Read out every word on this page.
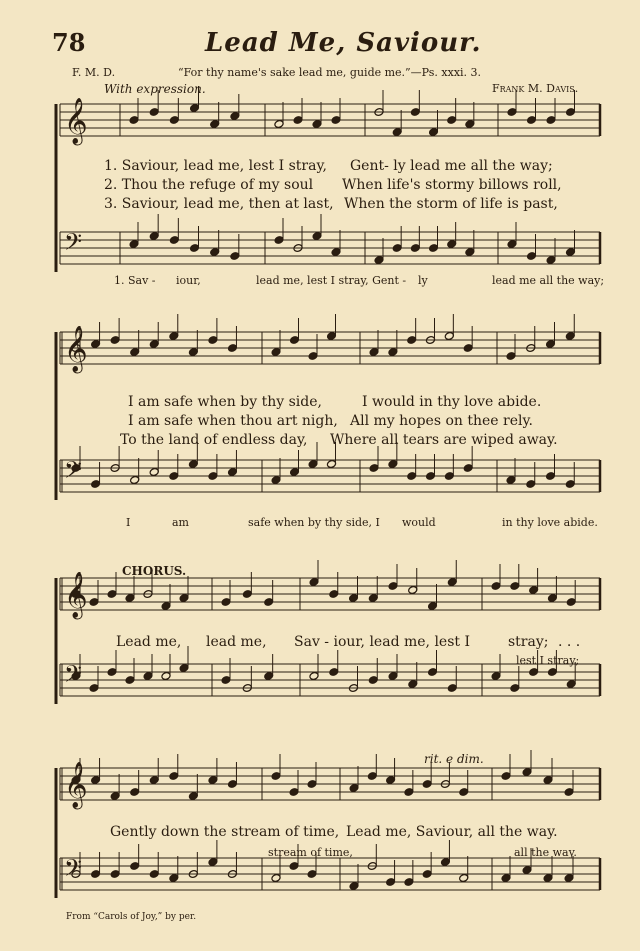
78	Lead Me, Saviour.
F. M. D.	“For thy name's sake lead me, guide me.”—Ps. xxxi. 3.
Frank M. Davis.
With expression.
𝄞
𝄢
𝄞
𝄢
𝄞
𝄢
𝄞
𝄢
1. Saviour, lead me, lest I stray, Gent- ly lead me all the way;
2. Thou the refuge of my soul When life's stormy billows roll,
3. Saviour, lead me, then at last, When the storm of life is past,
1. Sav - iour,	lead me, lest I stray, Gent - ly	lead me all the way;
I am safe when by thy side,	I would in thy love abide.
I am safe when thou art nigh, All my hopes on thee rely.
To the land of endless day, Where all tears are wiped away.
I	am	safe when by thy side, I would	in thy love abide.
CHORUS.
Lead me, lead me, Sav - iour, lead me, lest I	stray; . . .
lest I stray;
rit. e dim.
Gently down the stream of time, Lead me, Saviour, all the way.
stream of time,	all the way.
From “Carols of Joy,” by per.
